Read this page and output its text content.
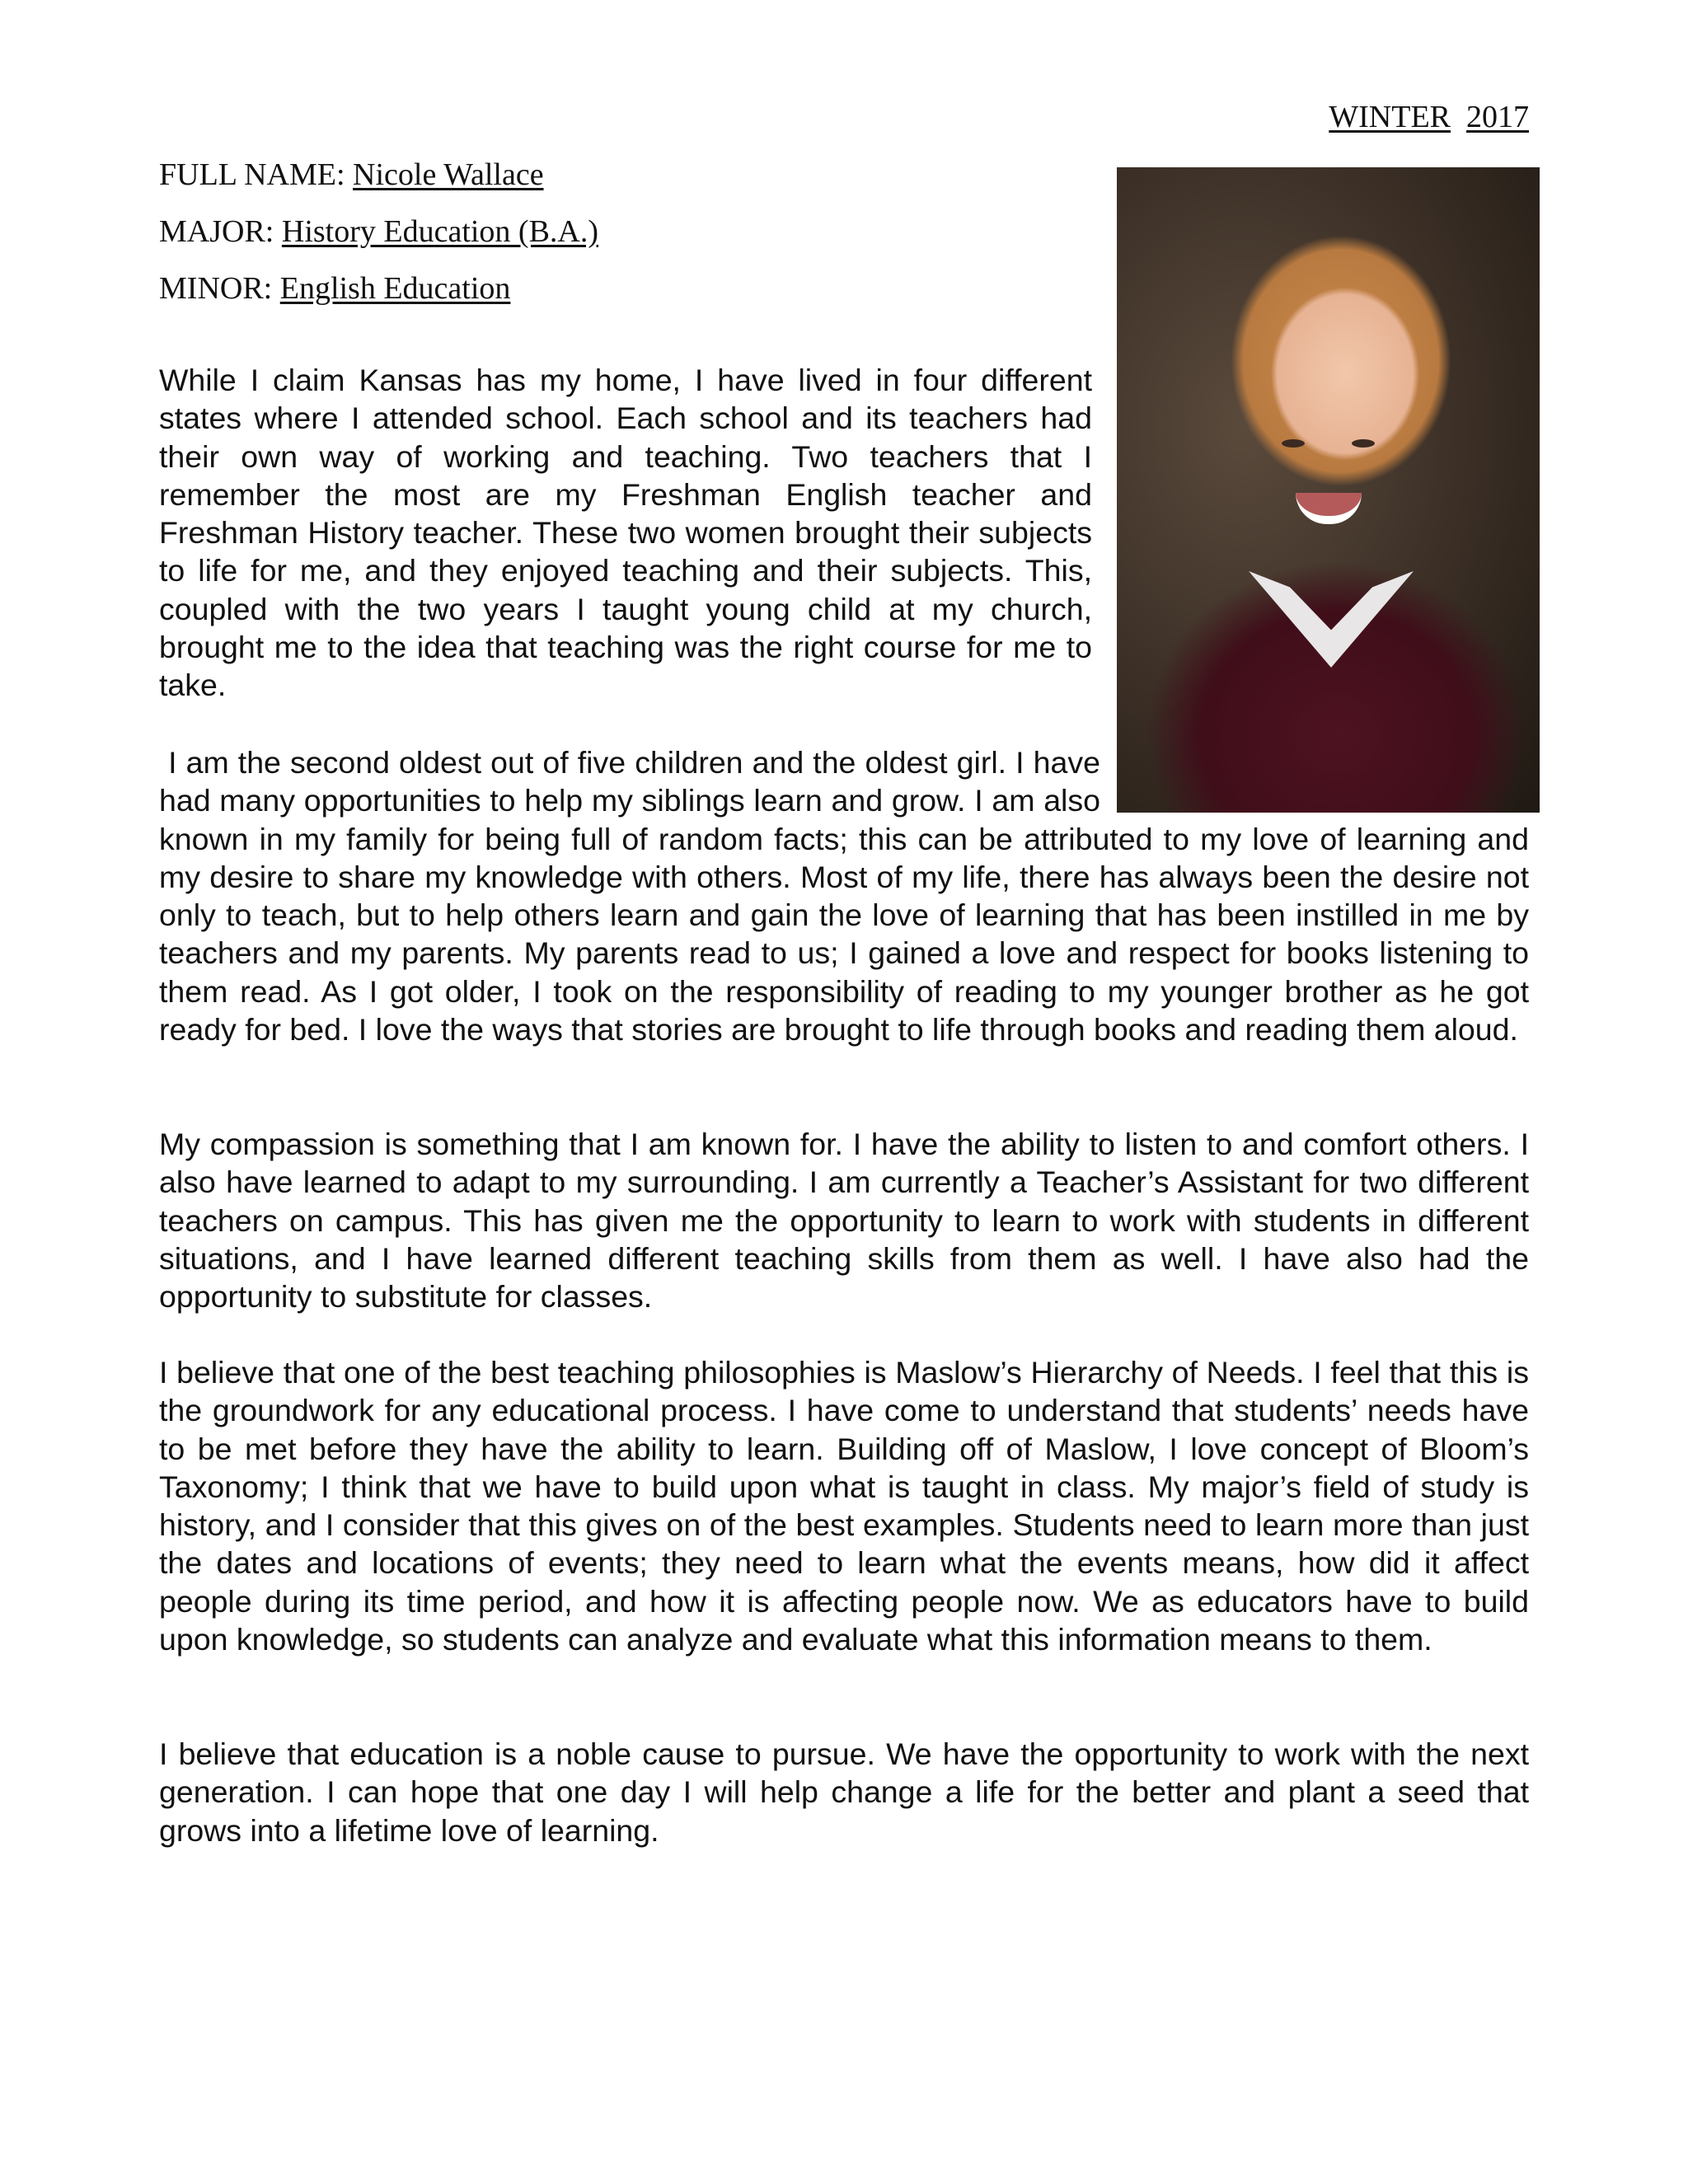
WINTER 2017
FULL NAME: Nicole Wallace
MAJOR: History Education (B.A.)
MINOR: English Education

While I claim Kansas has my home, I have lived in four different states where I attended school. Each school and its teachers had their own way of working and teaching. Two teachers that I remember the most are my Freshman English teacher and Freshman History teacher. These two women brought their subjects to life for me, and they enjoyed teaching and their subjects. This, coupled with the two years I taught young child at my church, brought me to the idea that teaching was the right course for me to take.

I am the second oldest out of five children and the oldest girl. I have had many opportunities to help my siblings learn and grow. I am also known in my family for being full of random facts; this can be attributed to my love of learning and my desire to share my knowledge with others. Most of my life, there has always been the desire not only to teach, but to help others learn and gain the love of learning that has been instilled in me by teachers and my parents. My parents read to us; I gained a love and respect for books listening to them read. As I got older, I took on the responsibility of reading to my younger brother as he got ready for bed. I love the ways that stories are brought to life through books and reading them aloud.

My compassion is something that I am known for. I have the ability to listen to and comfort others. I also have learned to adapt to my surrounding. I am currently a Teacher’s Assistant for two different teachers on campus. This has given me the opportunity to learn to work with students in different situations, and I have learned different teaching skills from them as well. I have also had the opportunity to substitute for classes.

I believe that one of the best teaching philosophies is Maslow’s Hierarchy of Needs. I feel that this is the groundwork for any educational process. I have come to understand that students’ needs have to be met before they have the ability to learn. Building off of Maslow, I love concept of Bloom’s Taxonomy; I think that we have to build upon what is taught in class. My major’s field of study is history, and I consider that this gives on of the best examples. Students need to learn more than just the dates and locations of events; they need to learn what the events means, how did it affect people during its time period, and how it is affecting people now. We as educators have to build upon knowledge, so students can analyze and evaluate what this information means to them.

I believe that education is a noble cause to pursue. We have the opportunity to work with the next generation. I can hope that one day I will help change a life for the better and plant a seed that grows into a lifetime love of learning.
